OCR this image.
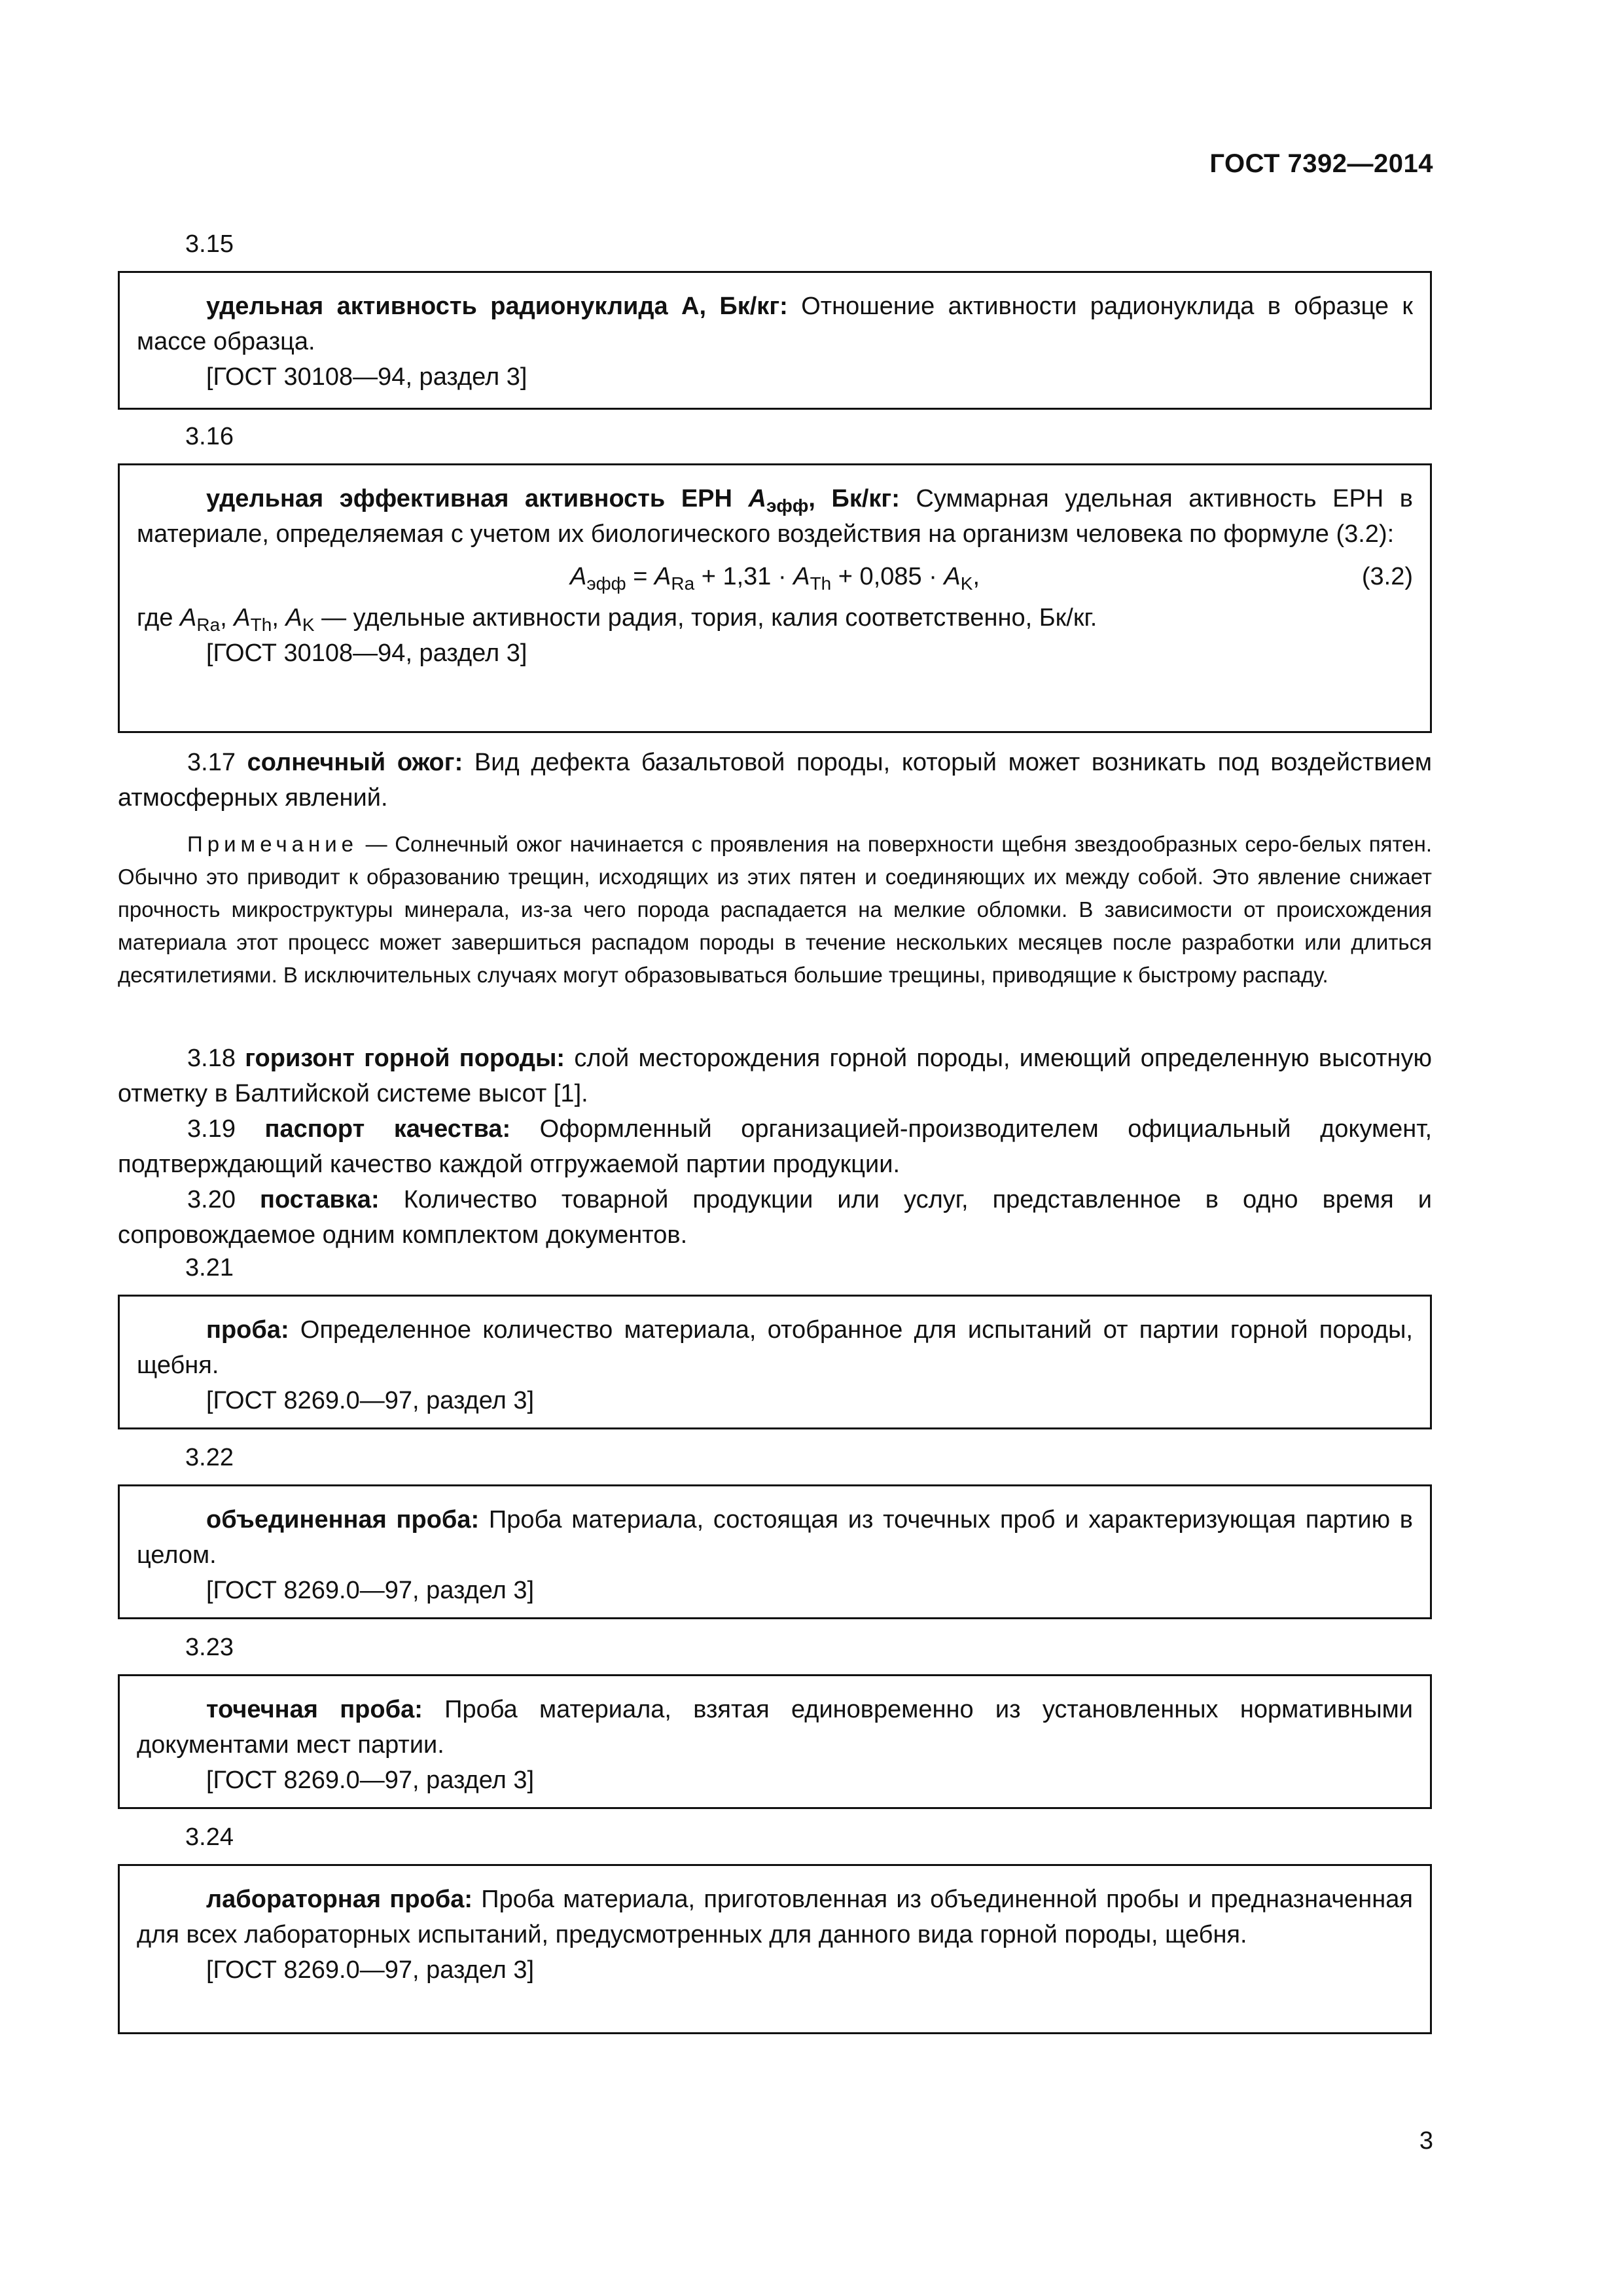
ГОСТ 7392—2014
3.15

удельная активность радионуклида А, Бк/кг: Отношение активности радионуклида в образце к массе образца.

[ГОСТ 30108—94, раздел 3]

3.16

удельная эффективная активность ЕРН $A_{эфф}$, Бк/кг: Суммарная удельная активность ЕРН в материале, определяемая с учетом их биологического воздействия на организм человека по формуле (3.2):

$A_{эфф} = A_{Ra} + 1,31 \cdot A_{Th} + 0,085 \cdot A_K$,	(3.2)

где $A_{Ra}$, $A_{Th}$, $A_K$ — удельные активности радия, тория, калия соответственно, Бк/кг.

[ГОСТ 30108—94, раздел 3]

3.17 солнечный ожог: Вид дефекта базальтовой породы, который может возникать под воздействием атмосферных явлений.

Примечание — Солнечный ожог начинается с проявления на поверхности щебня звездообразных серо-белых пятен. Обычно это приводит к образованию трещин, исходящих из этих пятен и соединяющих их между собой. Это явление снижает прочность микроструктуры минерала, из-за чего порода распадается на мелкие обломки. В зависимости от происхождения материала этот процесс может завершиться распадом породы в течение нескольких месяцев после разработки или длиться десятилетиями. В исключительных случаях могут образовываться большие трещины, приводящие к быстрому распаду.

3.18 горизонт горной породы: слой месторождения горной породы, имеющий определенную высотную отметку в Балтийской системе высот [1].

3.19 паспорт качества: Оформленный организацией-производителем официальный документ, подтверждающий качество каждой отгружаемой партии продукции.

3.20 поставка: Количество товарной продукции или услуг, представленное в одно время и сопровождаемое одним комплектом документов.

3.21

проба: Определенное количество материала, отобранное для испытаний от партии горной породы, щебня.

[ГОСТ 8269.0—97, раздел 3]

3.22

объединенная проба: Проба материала, состоящая из точечных проб и характеризующая партию в целом.

[ГОСТ 8269.0—97, раздел 3]

3.23

точечная проба: Проба материала, взятая единовременно из установленных нормативными документами мест партии.

[ГОСТ 8269.0—97, раздел 3]

3.24

лабораторная проба: Проба материала, приготовленная из объединенной пробы и предназначенная для всех лабораторных испытаний, предусмотренных для данного вида горной породы, щебня.

[ГОСТ 8269.0—97, раздел 3]

3
